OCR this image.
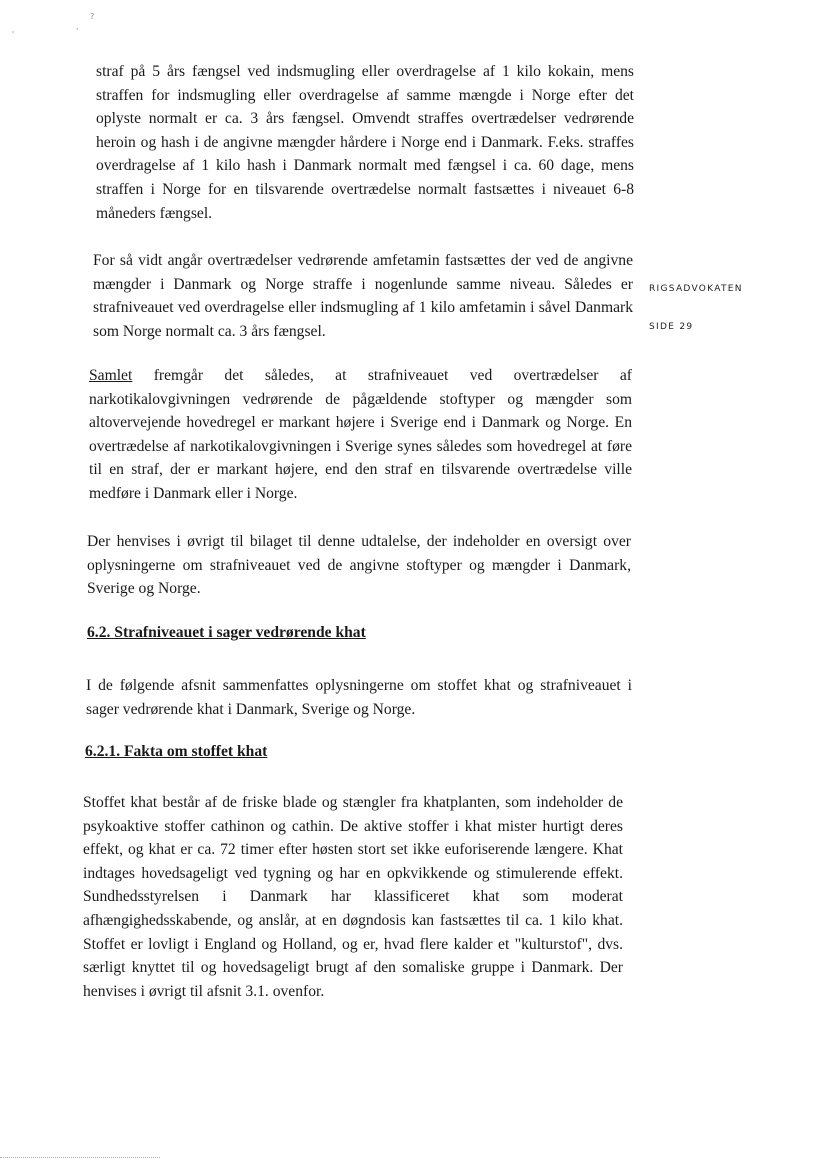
'
?
,
RIGSADVOKATEN
SIDE 29

straf på 5 års fængsel ved indsmugling eller overdragelse af 1 kilo kokain, mens straffen for indsmugling eller overdragelse af samme mængde i Norge efter det oplyste normalt er ca. 3 års fængsel. Omvendt straffes overtrædelser vedrørende heroin og hash i de angivne mængder hårdere i Norge end i Danmark. F.eks. straffes overdragelse af 1 kilo hash i Danmark normalt med fængsel i ca. 60 dage, mens straffen i Norge for en tilsvarende overtrædelse normalt fastsættes i niveauet 6-8 måneders fængsel.

For så vidt angår overtrædelser vedrørende amfetamin fastsættes der ved de angivne mængder i Danmark og Norge straffe i nogenlunde samme niveau. Således er strafniveauet ved overdragelse eller indsmugling af 1 kilo amfetamin i såvel Danmark som Norge normalt ca. 3 års fængsel.

Samlet fremgår det således, at strafniveauet ved overtrædelser af narkotikalovgivningen vedrørende de pågældende stoftyper og mængder som altovervejende hovedregel er markant højere i Sverige end i Danmark og Norge. En overtrædelse af narkotikalovgivningen i Sverige synes således som hovedregel at føre til en straf, der er markant højere, end den straf en tilsvarende overtrædelse ville medføre i Danmark eller i Norge.

Der henvises i øvrigt til bilaget til denne udtalelse, der indeholder en oversigt over oplysningerne om strafniveauet ved de angivne stoftyper og mængder i Danmark, Sverige og Norge.

6.2. Strafniveauet i sager vedrørende khat

I de følgende afsnit sammenfattes oplysningerne om stoffet khat og strafniveauet i sager vedrørende khat i Danmark, Sverige og Norge.

6.2.1. Fakta om stoffet khat

Stoffet khat består af de friske blade og stængler fra khatplanten, som indeholder de psykoaktive stoffer cathinon og cathin. De aktive stoffer i khat mister hurtigt deres effekt, og khat er ca. 72 timer efter høsten stort set ikke euforiserende længere. Khat indtages hovedsageligt ved tygning og har en opkvikkende og stimulerende effekt. Sundhedsstyrelsen i Danmark har klassificeret khat som moderat afhængighedsskabende, og anslår, at en døgndosis kan fastsættes til ca. 1 kilo khat. Stoffet er lovligt i England og Holland, og er, hvad flere kalder et "kulturstof", dvs. særligt knyttet til og hovedsageligt brugt af den somaliske gruppe i Danmark. Der henvises i øvrigt til afsnit 3.1. ovenfor.
